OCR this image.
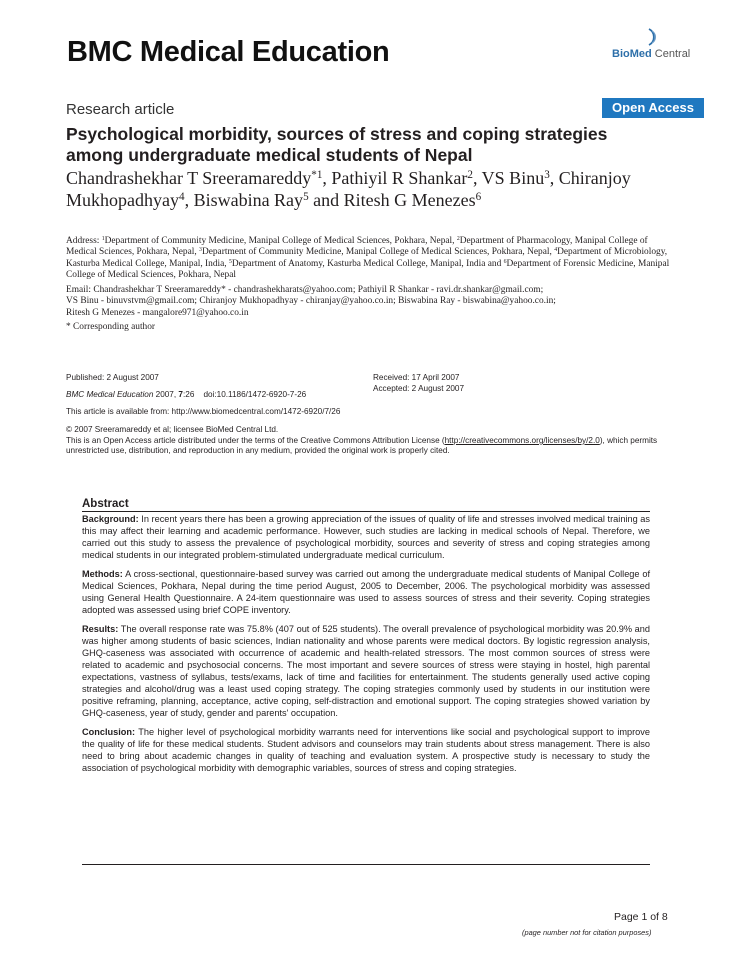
BMC Medical Education	BioMed Central
Research article	Open Access
Psychological morbidity, sources of stress and coping strategies among undergraduate medical students of Nepal
Chandrashekhar T Sreeramareddy$^{*1}$, Pathiyil R Shankar$^2$, VS Binu$^3$, Chiranjoy Mukhopadhyay$^4$, Biswabina Ray$^5$ and Ritesh G Menezes$^6$
Address: $^1$Department of Community Medicine, Manipal College of Medical Sciences, Pokhara, Nepal, $^2$Department of Pharmacology, Manipal College of Medical Sciences, Pokhara, Nepal, $^3$Department of Community Medicine, Manipal College of Medical Sciences, Pokhara, Nepal, $^4$Department of Microbiology, Kasturba Medical College, Manipal, India, $^5$Department of Anatomy, Kasturba Medical College, Manipal, India and $^6$Department of Forensic Medicine, Manipal College of Medical Sciences, Pokhara, Nepal
Email: Chandrashekhar T Sreeramareddy* - chandrashekharats@yahoo.com; Pathiyil R Shankar - ravi.dr.shankar@gmail.com;
VS Binu - binuvstvm@gmail.com; Chiranjoy Mukhopadhyay - chiranjay@yahoo.co.in; Biswabina Ray - biswabina@yahoo.co.in;
Ritesh G Menezes - mangalore971@yahoo.co.in
* Corresponding author
Published: 2 August 2007	Received: 17 April 2007
Accepted: 2 August 2007
BMC Medical Education 2007, 7:26    doi:10.1186/1472-6920-7-26
This article is available from: http://www.biomedcentral.com/1472-6920/7/26
© 2007 Sreeramareddy et al; licensee BioMed Central Ltd.
This is an Open Access article distributed under the terms of the Creative Commons Attribution License (http://creativecommons.org/licenses/by/2.0), which permits unrestricted use, distribution, and reproduction in any medium, provided the original work is properly cited.
Abstract

Background: In recent years there has been a growing appreciation of the issues of quality of life and stresses involved medical training as this may affect their learning and academic performance. However, such studies are lacking in medical schools of Nepal. Therefore, we carried out this study to assess the prevalence of psychological morbidity, sources and severity of stress and coping strategies among medical students in our integrated problem-stimulated undergraduate medical curriculum.

Methods: A cross-sectional, questionnaire-based survey was carried out among the undergraduate medical students of Manipal College of Medical Sciences, Pokhara, Nepal during the time period August, 2005 to December, 2006. The psychological morbidity was assessed using General Health Questionnaire. A 24-item questionnaire was used to assess sources of stress and their severity. Coping strategies adopted was assessed using brief COPE inventory.

Results: The overall response rate was 75.8% (407 out of 525 students). The overall prevalence of psychological morbidity was 20.9% and was higher among students of basic sciences, Indian nationality and whose parents were medical doctors. By logistic regression analysis, GHQ-caseness was associated with occurrence of academic and health-related stressors. The most common sources of stress were related to academic and psychosocial concerns. The most important and severe sources of stress were staying in hostel, high parental expectations, vastness of syllabus, tests/exams, lack of time and facilities for entertainment. The students generally used active coping strategies and alcohol/drug was a least used coping strategy. The coping strategies commonly used by students in our institution were positive reframing, planning, acceptance, active coping, self-distraction and emotional support. The coping strategies showed variation by GHQ-caseness, year of study, gender and parents' occupation.

Conclusion: The higher level of psychological morbidity warrants need for interventions like social and psychological support to improve the quality of life for these medical students. Student advisors and counselors may train students about stress management. There is also need to bring about academic changes in quality of teaching and evaluation system. A prospective study is necessary to study the association of psychological morbidity with demographic variables, sources of stress and coping strategies.

Page 1 of 8
(page number not for citation purposes)
